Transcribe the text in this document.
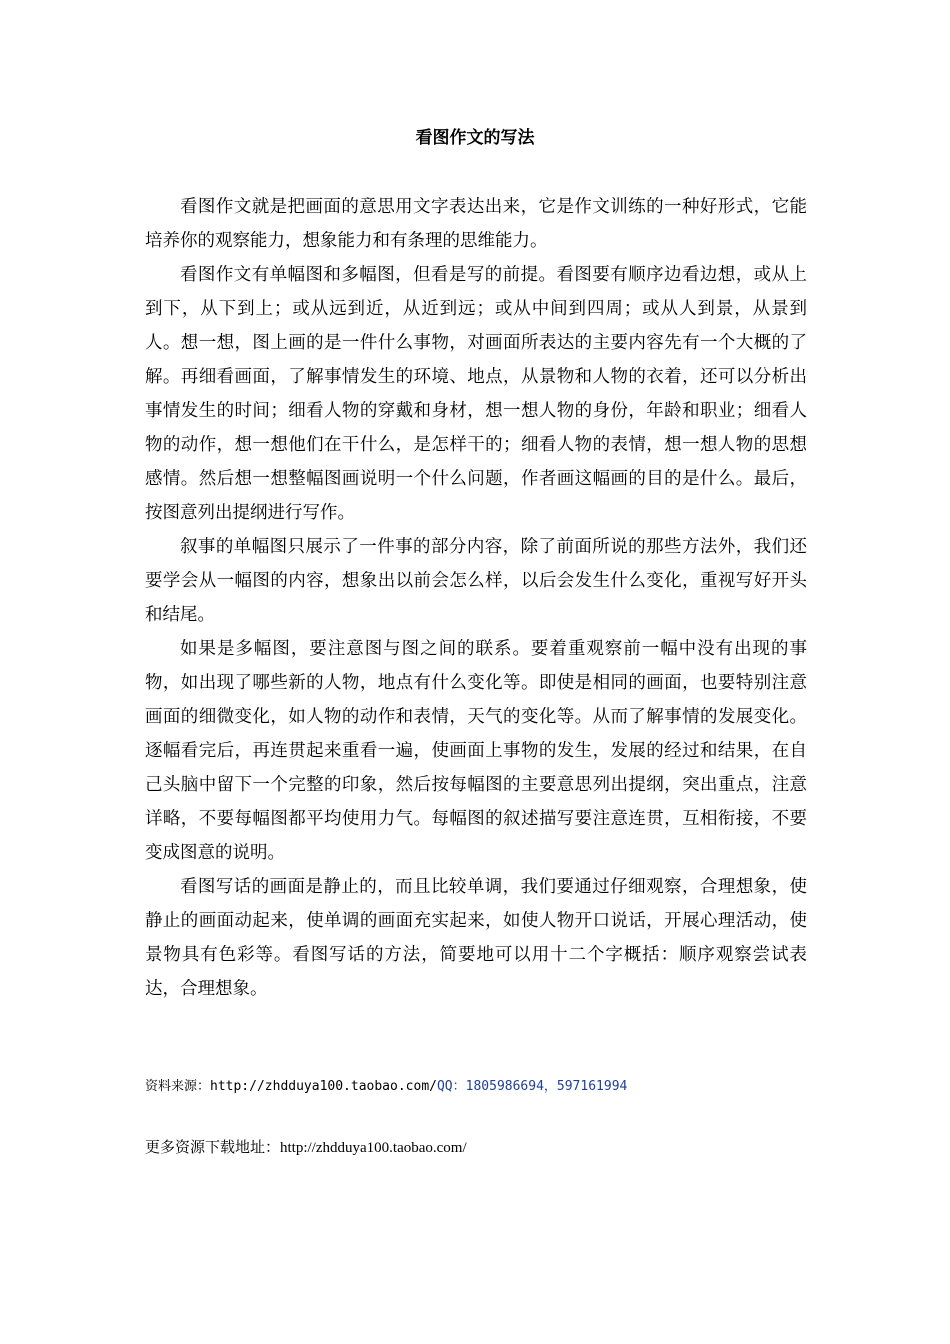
看图作文的写法

看图作文就是把画面的意思用文字表达出来，它是作文训练的一种好形式，它能培养你的观察能力，想象能力和有条理的思维能力。

看图作文有单幅图和多幅图，但看是写的前提。看图要有顺序边看边想，或从上到下，从下到上；或从远到近，从近到远；或从中间到四周；或从人到景，从景到人。想一想，图上画的是一件什么事物，对画面所表达的主要内容先有一个大概的了解。再细看画面，了解事情发生的环境、地点，从景物和人物的衣着，还可以分析出事情发生的时间；细看人物的穿戴和身材，想一想人物的身份，年龄和职业；细看人物的动作，想一想他们在干什么，是怎样干的；细看人物的表情，想一想人物的思想感情。然后想一想整幅图画说明一个什么问题，作者画这幅画的目的是什么。最后，按图意列出提纲进行写作。

叙事的单幅图只展示了一件事的部分内容，除了前面所说的那些方法外，我们还要学会从一幅图的内容，想象出以前会怎么样，以后会发生什么变化，重视写好开头和结尾。

如果是多幅图，要注意图与图之间的联系。要着重观察前一幅中没有出现的事物，如出现了哪些新的人物，地点有什么变化等。即使是相同的画面，也要特别注意画面的细微变化，如人物的动作和表情，天气的变化等。从而了解事情的发展变化。逐幅看完后，再连贯起来重看一遍，使画面上事物的发生，发展的经过和结果，在自己头脑中留下一个完整的印象，然后按每幅图的主要意思列出提纲，突出重点，注意详略，不要每幅图都平均使用力气。每幅图的叙述描写要注意连贯，互相衔接，不要变成图意的说明。

看图写话的画面是静止的，而且比较单调，我们要通过仔细观察，合理想象，使静止的画面动起来，使单调的画面充实起来，如使人物开口说话，开展心理活动，使景物具有色彩等。看图写话的方法，简要地可以用十二个字概括：顺序观察尝试表达，合理想象。

资料来源：http://zhdduya100.taobao.com/QQ：1805986694，597161994
更多资源下载地址：http://zhdduya100.taobao.com/
